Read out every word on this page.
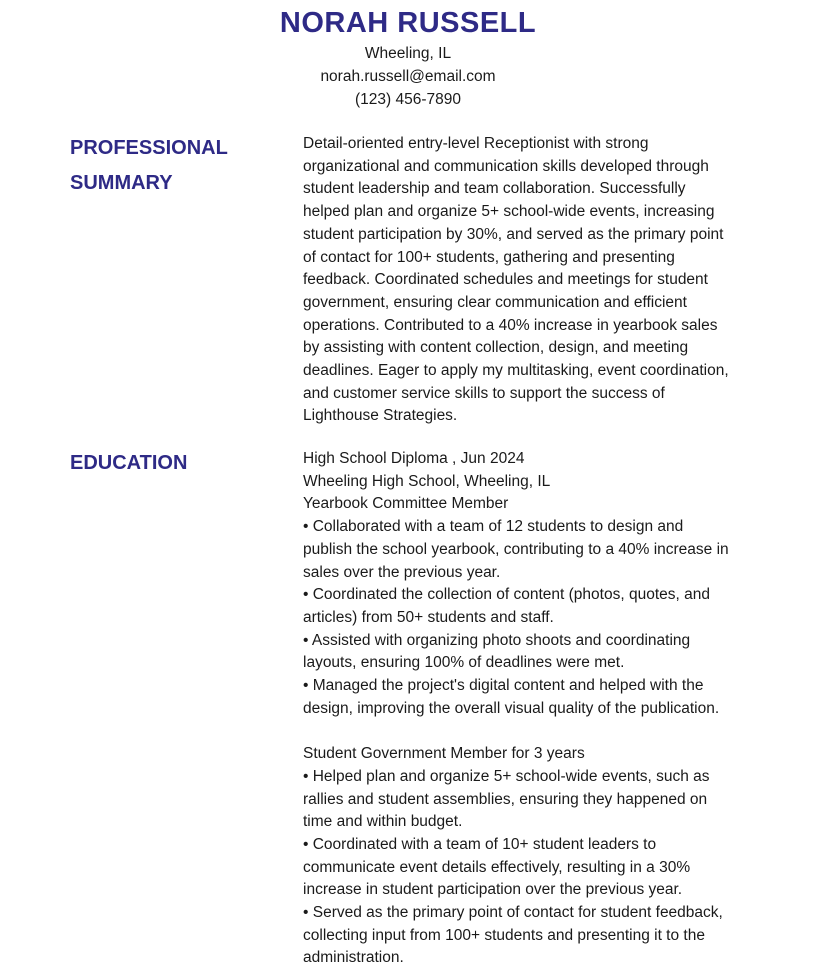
NORAH RUSSELL
Wheeling, IL
norah.russell@email.com
(123) 456-7890
PROFESSIONAL
SUMMARY
Detail-oriented entry-level Receptionist with strong
organizational and communication skills developed through
student leadership and team collaboration. Successfully
helped plan and organize 5+ school-wide events, increasing
student participation by 30%, and served as the primary point
of contact for 100+ students, gathering and presenting
feedback. Coordinated schedules and meetings for student
government, ensuring clear communication and efficient
operations. Contributed to a 40% increase in yearbook sales
by assisting with content collection, design, and meeting
deadlines. Eager to apply my multitasking, event coordination,
and customer service skills to support the success of
Lighthouse Strategies.
EDUCATION	High School Diploma , Jun 2024
Wheeling High School, Wheeling, IL
Yearbook Committee Member
• Collaborated with a team of 12 students to design and
publish the school yearbook, contributing to a 40% increase in
sales over the previous year.
• Coordinated the collection of content (photos, quotes, and
articles) from 50+ students and staff.
• Assisted with organizing photo shoots and coordinating
layouts, ensuring 100% of deadlines were met.
• Managed the project's digital content and helped with the
design, improving the overall visual quality of the publication.
Student Government Member for 3 years
• Helped plan and organize 5+ school-wide events, such as
rallies and student assemblies, ensuring they happened on
time and within budget.
• Coordinated with a team of 10+ student leaders to
communicate event details effectively, resulting in a 30%
increase in student participation over the previous year.
• Served as the primary point of contact for student feedback,
collecting input from 100+ students and presenting it to the
administration.
